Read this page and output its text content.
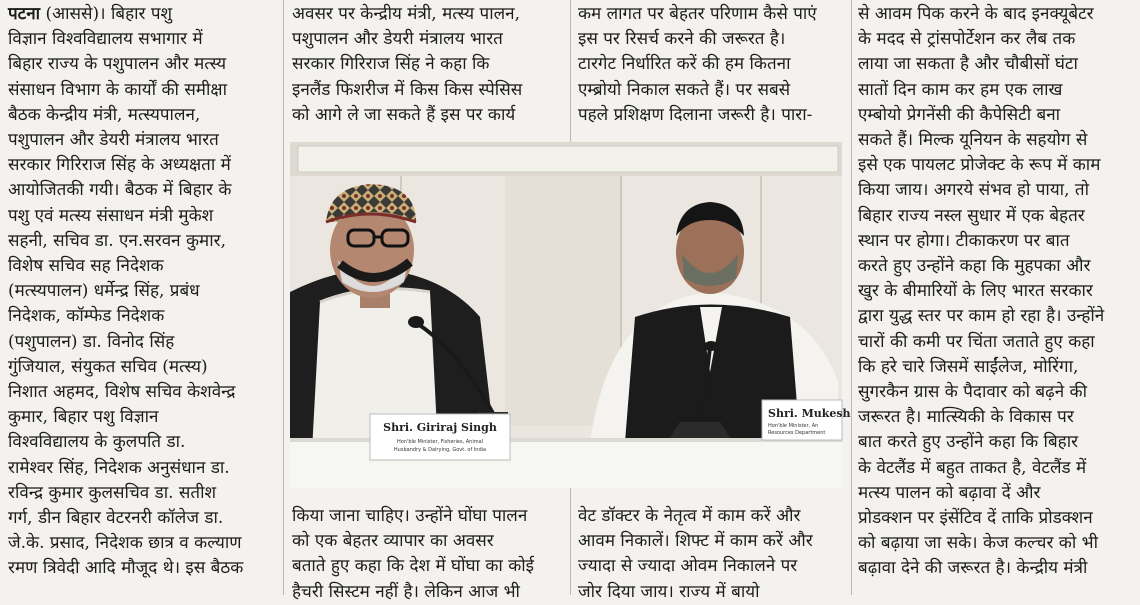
पटना (आससे)। बिहार पशु
विज्ञान विश्वविद्यालय सभागार में
बिहार राज्य के पशुपालन और मत्स्य
संसाधन विभाग के कार्यों की समीक्षा
बैठक केन्द्रीय मंत्री, मत्स्यपालन,
पशुपालन और डेयरी मंत्रालय भारत
सरकार गिरिराज सिंह के अध्यक्षता में
आयोजितकी गयी। बैठक में बिहार के
पशु एवं मत्स्य संसाधन मंत्री मुकेश
सहनी, सचिव डा. एन.सरवन कुमार,
विशेष सचिव सह निदेशक
(मत्स्यपालन) धर्मेन्द्र सिंह, प्रबंध
निदेशक, कॉम्फेड निदेशक
(पशुपालन) डा. विनोद सिंह
गुंजियाल, संयुकत सचिव (मत्स्य)
निशात अहमद, विशेष सचिव केशवेन्द्र
कुमार, बिहार पशु विज्ञान
विश्वविद्यालय के कुलपति डा.
रामेश्वर सिंह, निदेशक अनुसंधान डा.
रविन्द्र कुमार कुलसचिव डा. सतीश
गर्ग, डीन बिहार वेटरनरी कॉलेज डा.
जे.के. प्रसाद, निदेशक छात्र व कल्याण
रमण त्रिवेदी आदि मौजूद थे। इस बैठक
अवसर पर केन्द्रीय मंत्री, मत्स्य पालन,
पशुपालन और डेयरी मंत्रालय भारत
सरकार गिरिराज सिंह ने कहा कि
इनलैंड फिशरीज में किस किस स्पेसिस
को आगे ले जा सकते हैं इस पर कार्य
कम लागत पर बेहतर परिणाम कैसे पाएं
इस पर रिसर्च करने की जरूरत है।
टारगेट निर्धारित करें की हम कितना
एम्ब्रोयो निकाल सकते हैं। पर सबसे
पहले प्रशिक्षण दिलाना जरूरी है। पारा-
Shri. Giriraj Singh
Hon'ble Minister, Fisheries, Animal
Husbandry & Dairying, Govt. of India
Shri. Mukesh
Hon'ble Minister, An
Resources Department
किया जाना चाहिए। उन्होंने घोंघा पालन
को एक बेहतर व्यापार का अवसर
बताते हुए कहा कि देश में घोंघा का कोई
हैचरी सिस्टम नहीं है। लेकिन आज भी
वेट डॉक्टर के नेतृत्व में काम करें और
आवम निकालें। शिफ्ट में काम करें और
ज्यादा से ज्यादा ओवम निकालने पर
जोर दिया जाय। राज्य में बायो
से आवम पिक करने के बाद इनक्यूबेटर
के मदद से ट्रांसपोर्टेशन कर लैब तक
लाया जा सकता है और चौबीसों घंटा
सातों दिन काम कर हम एक लाख
एम्बोयो प्रेगनेंसी की कैपेसिटी बना
सकते हैं। मिल्क यूनियन के सहयोग से
इसे एक पायलट प्रोजेक्ट के रूप में काम
किया जाय। अगरये संभव हो पाया, तो
बिहार राज्य नस्ल सुधार में एक बेहतर
स्थान पर होगा। टीकाकरण पर बात
करते हुए उन्होंने कहा कि मुहपका और
खुर के बीमारियों के लिए भारत सरकार
द्वारा युद्ध स्तर पर काम हो रहा है। उन्होंने
चारों की कमी पर चिंता जताते हुए कहा
कि हरे चारे जिसमें साईंलेज, मोरिंगा,
सुगरकैन ग्रास के पैदावार को बढ़ने की
जरूरत है। मात्स्यिकी के विकास पर
बात करते हुए उन्होंने कहा कि बिहार
के वेटलैंड में बहुत ताकत है, वेटलैंड में
मत्स्य पालन को बढ़ावा दें और
प्रोडक्शन पर इंसेंटिव दें ताकि प्रोडक्शन
को बढ़ाया जा सके। केज कल्चर को भी
बढ़ावा देने की जरूरत है। केन्द्रीय मंत्री
